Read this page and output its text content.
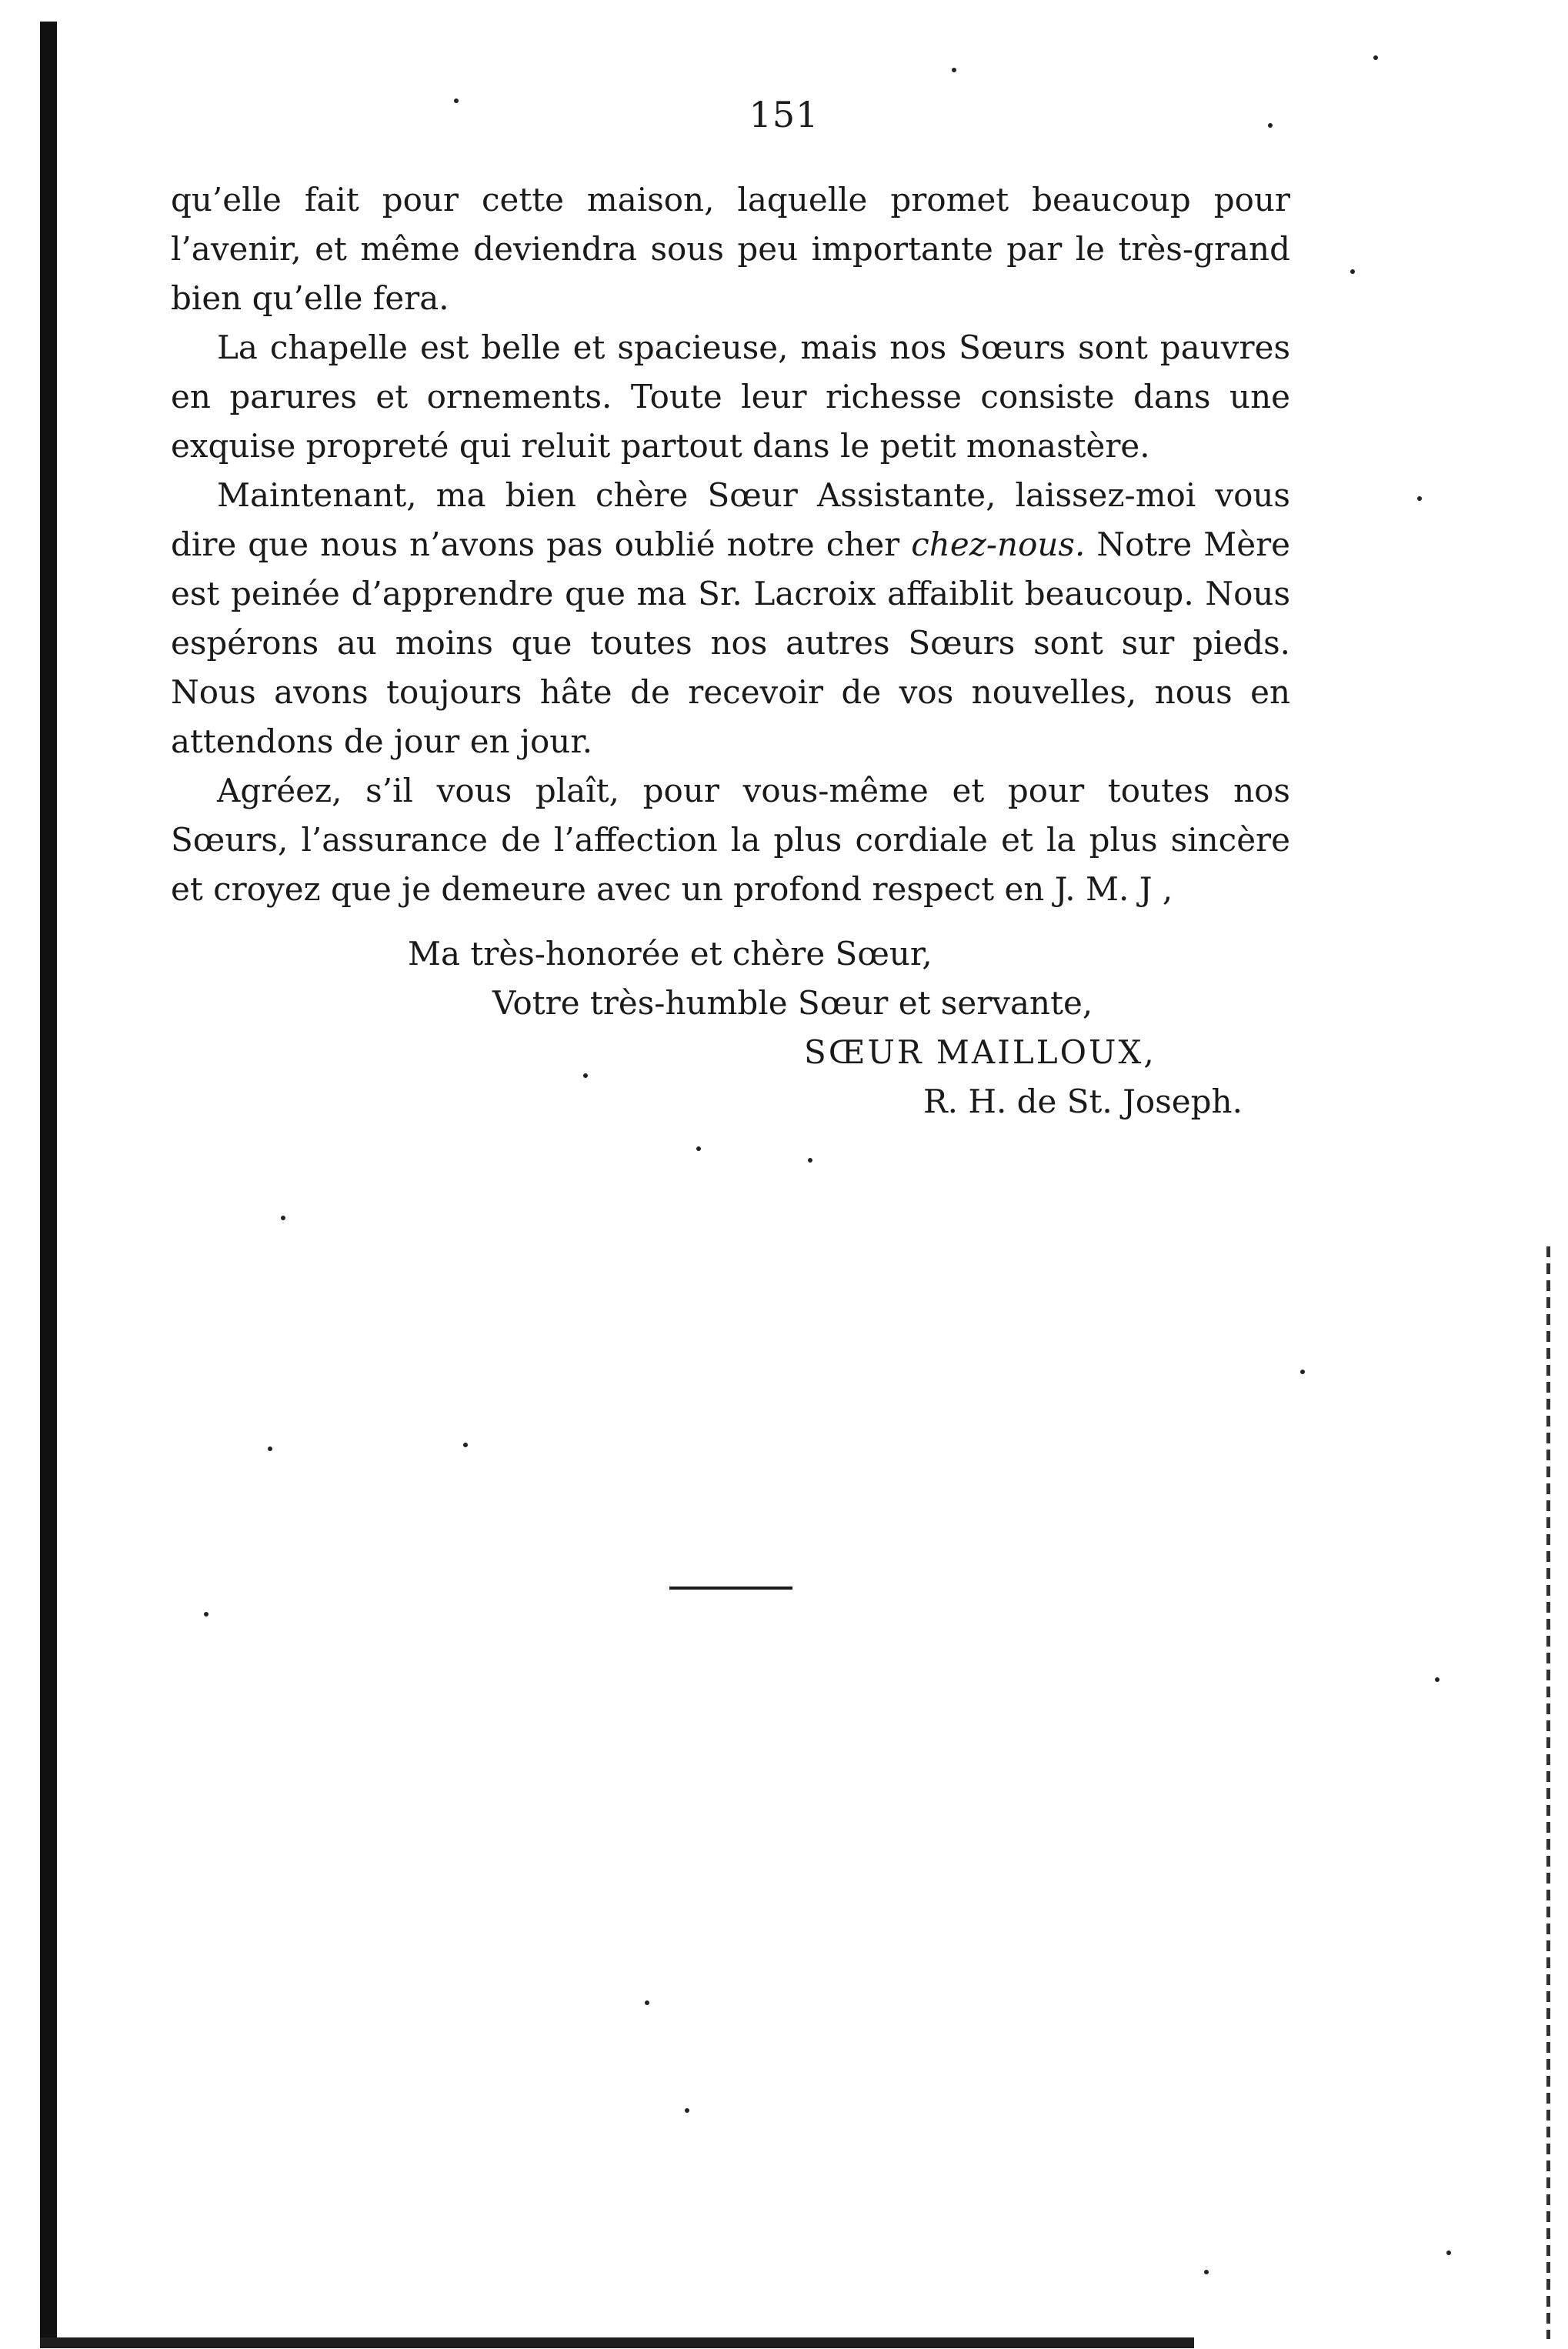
151

qu’elle fait pour cette maison, laquelle promet beaucoup pour l’avenir, et même deviendra sous peu importante par le très-grand bien qu’elle fera.

La chapelle est belle et spacieuse, mais nos Sœurs sont pauvres en parures et ornements. Toute leur richesse consiste dans une exquise propreté qui reluit partout dans le petit monastère.

Maintenant, ma bien chère Sœur Assistante, laissez-moi vous dire que nous n’avons pas oublié notre cher chez-nous. Notre Mère est peinée d’apprendre que ma Sr. Lacroix affaiblit beaucoup. Nous espérons au moins que toutes nos autres Sœurs sont sur pieds. Nous avons toujours hâte de recevoir de vos nouvelles, nous en attendons de jour en jour.

Agréez, s’il vous plaît, pour vous-même et pour toutes nos Sœurs, l’assurance de l’affection la plus cordiale et la plus sincère et croyez que je demeure avec un profond respect en J. M. J ,

Ma très-honorée et chère Sœur,
Votre très-humble Sœur et servante,
SŒUR MAILLOUX,
R. H. de St. Joseph.
